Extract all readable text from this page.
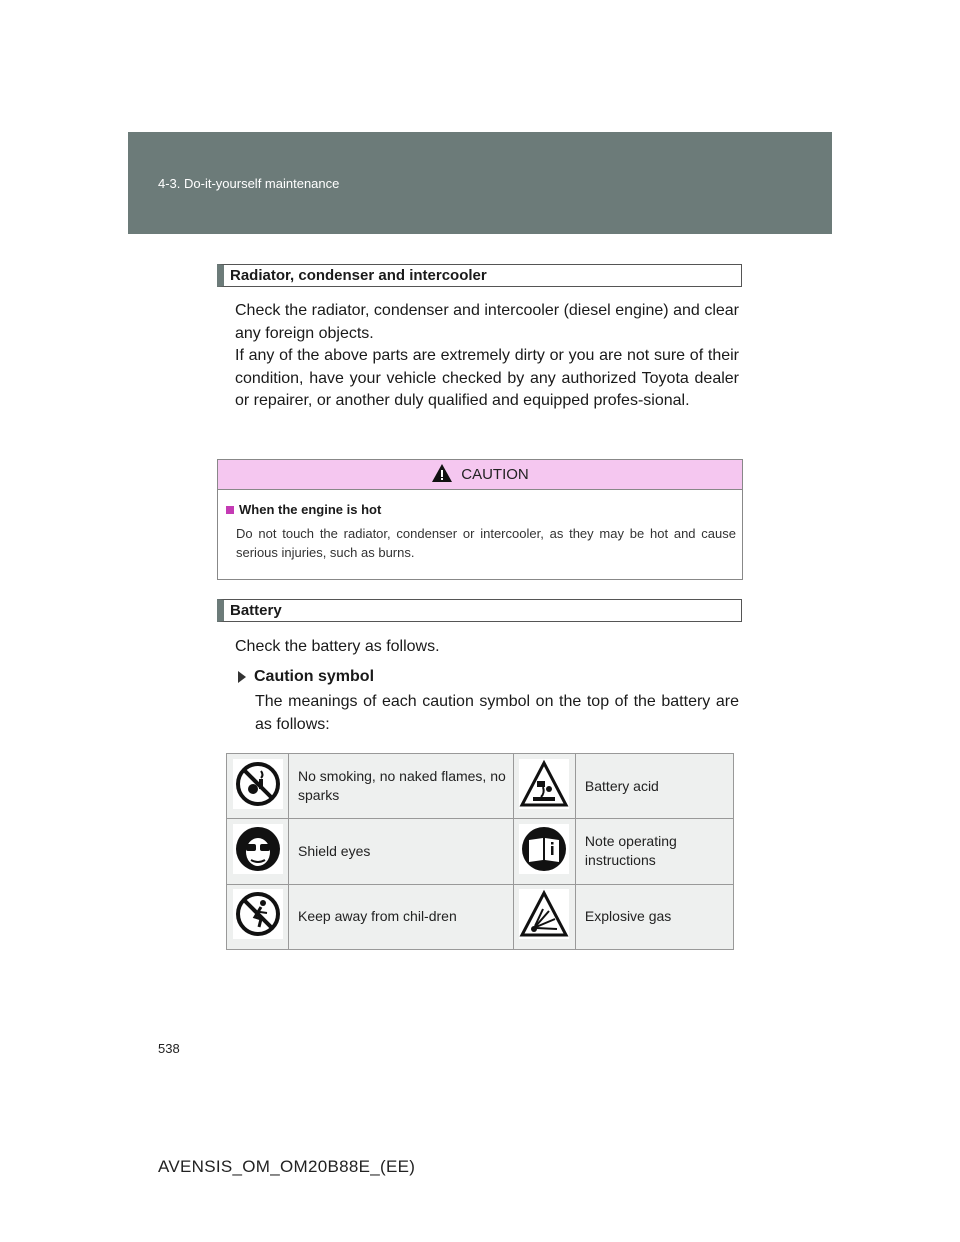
4-3. Do-it-yourself maintenance
Radiator, condenser and intercooler
Check the radiator, condenser and intercooler (diesel engine) and clear any foreign objects.
If any of the above parts are extremely dirty or you are not sure of their condition, have your vehicle checked by any authorized Toyota dealer or repairer, or another duly qualified and equipped profes-sional.
CAUTION
When the engine is hot
Do not touch the radiator, condenser or intercooler, as they may be hot and cause serious injuries, such as burns.
Battery
Check the battery as follows.
Caution symbol
The meanings of each caution symbol on the top of the battery are as follows:
	No smoking, no naked flames, no sparks		Battery acid
	Shield eyes		Note operating instructions
	Keep away from chil-dren		Explosive gas
538
AVENSIS_OM_OM20B88E_(EE)
